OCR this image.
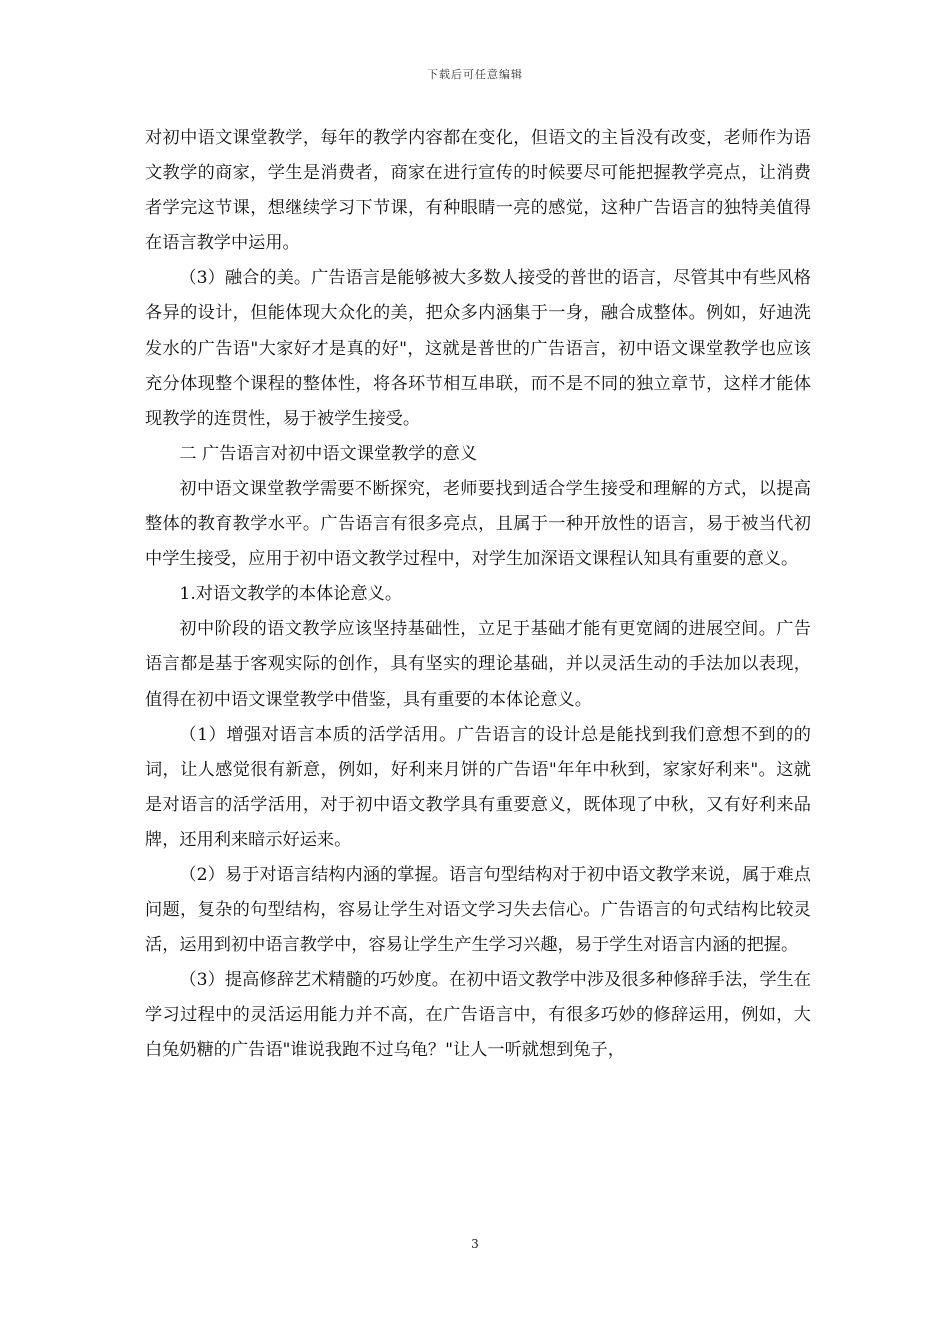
下载后可任意编辑

对初中语文课堂教学，每年的教学内容都在变化，但语文的主旨没有改变，老师作为语文教学的商家，学生是消费者，商家在进行宣传的时候要尽可能把握教学亮点，让消费者学完这节课，想继续学习下节课，有种眼睛一亮的感觉，这种广告语言的独特美值得在语言教学中运用。

（3）融合的美。广告语言是能够被大多数人接受的普世的语言，尽管其中有些风格各异的设计，但能体现大众化的美，把众多内涵集于一身，融合成整体。例如，好迪洗发水的广告语"大家好才是真的好"，这就是普世的广告语言，初中语文课堂教学也应该充分体现整个课程的整体性，将各环节相互串联，而不是不同的独立章节，这样才能体现教学的连贯性，易于被学生接受。

二 广告语言对初中语文课堂教学的意义

初中语文课堂教学需要不断探究，老师要找到适合学生接受和理解的方式，以提高整体的教育教学水平。广告语言有很多亮点，且属于一种开放性的语言，易于被当代初中学生接受，应用于初中语文教学过程中，对学生加深语文课程认知具有重要的意义。

1.对语文教学的本体论意义。

初中阶段的语文教学应该坚持基础性，立足于基础才能有更宽阔的进展空间。广告语言都是基于客观实际的创作，具有坚实的理论基础，并以灵活生动的手法加以表现，值得在初中语文课堂教学中借鉴，具有重要的本体论意义。

（1）增强对语言本质的活学活用。广告语言的设计总是能找到我们意想不到的的词，让人感觉很有新意，例如，好利来月饼的广告语"年年中秋到，家家好利来"。这就是对语言的活学活用，对于初中语文教学具有重要意义，既体现了中秋，又有好利来品牌，还用利来暗示好运来。

（2）易于对语言结构内涵的掌握。语言句型结构对于初中语文教学来说，属于难点问题，复杂的句型结构，容易让学生对语文学习失去信心。广告语言的句式结构比较灵活，运用到初中语言教学中，容易让学生产生学习兴趣，易于学生对语言内涵的把握。

（3）提高修辞艺术精髓的巧妙度。在初中语文教学中涉及很多种修辞手法，学生在学习过程中的灵活运用能力并不高，在广告语言中，有很多巧妙的修辞运用，例如，大白兔奶糖的广告语"谁说我跑不过乌龟？"让人一听就想到兔子，

3
